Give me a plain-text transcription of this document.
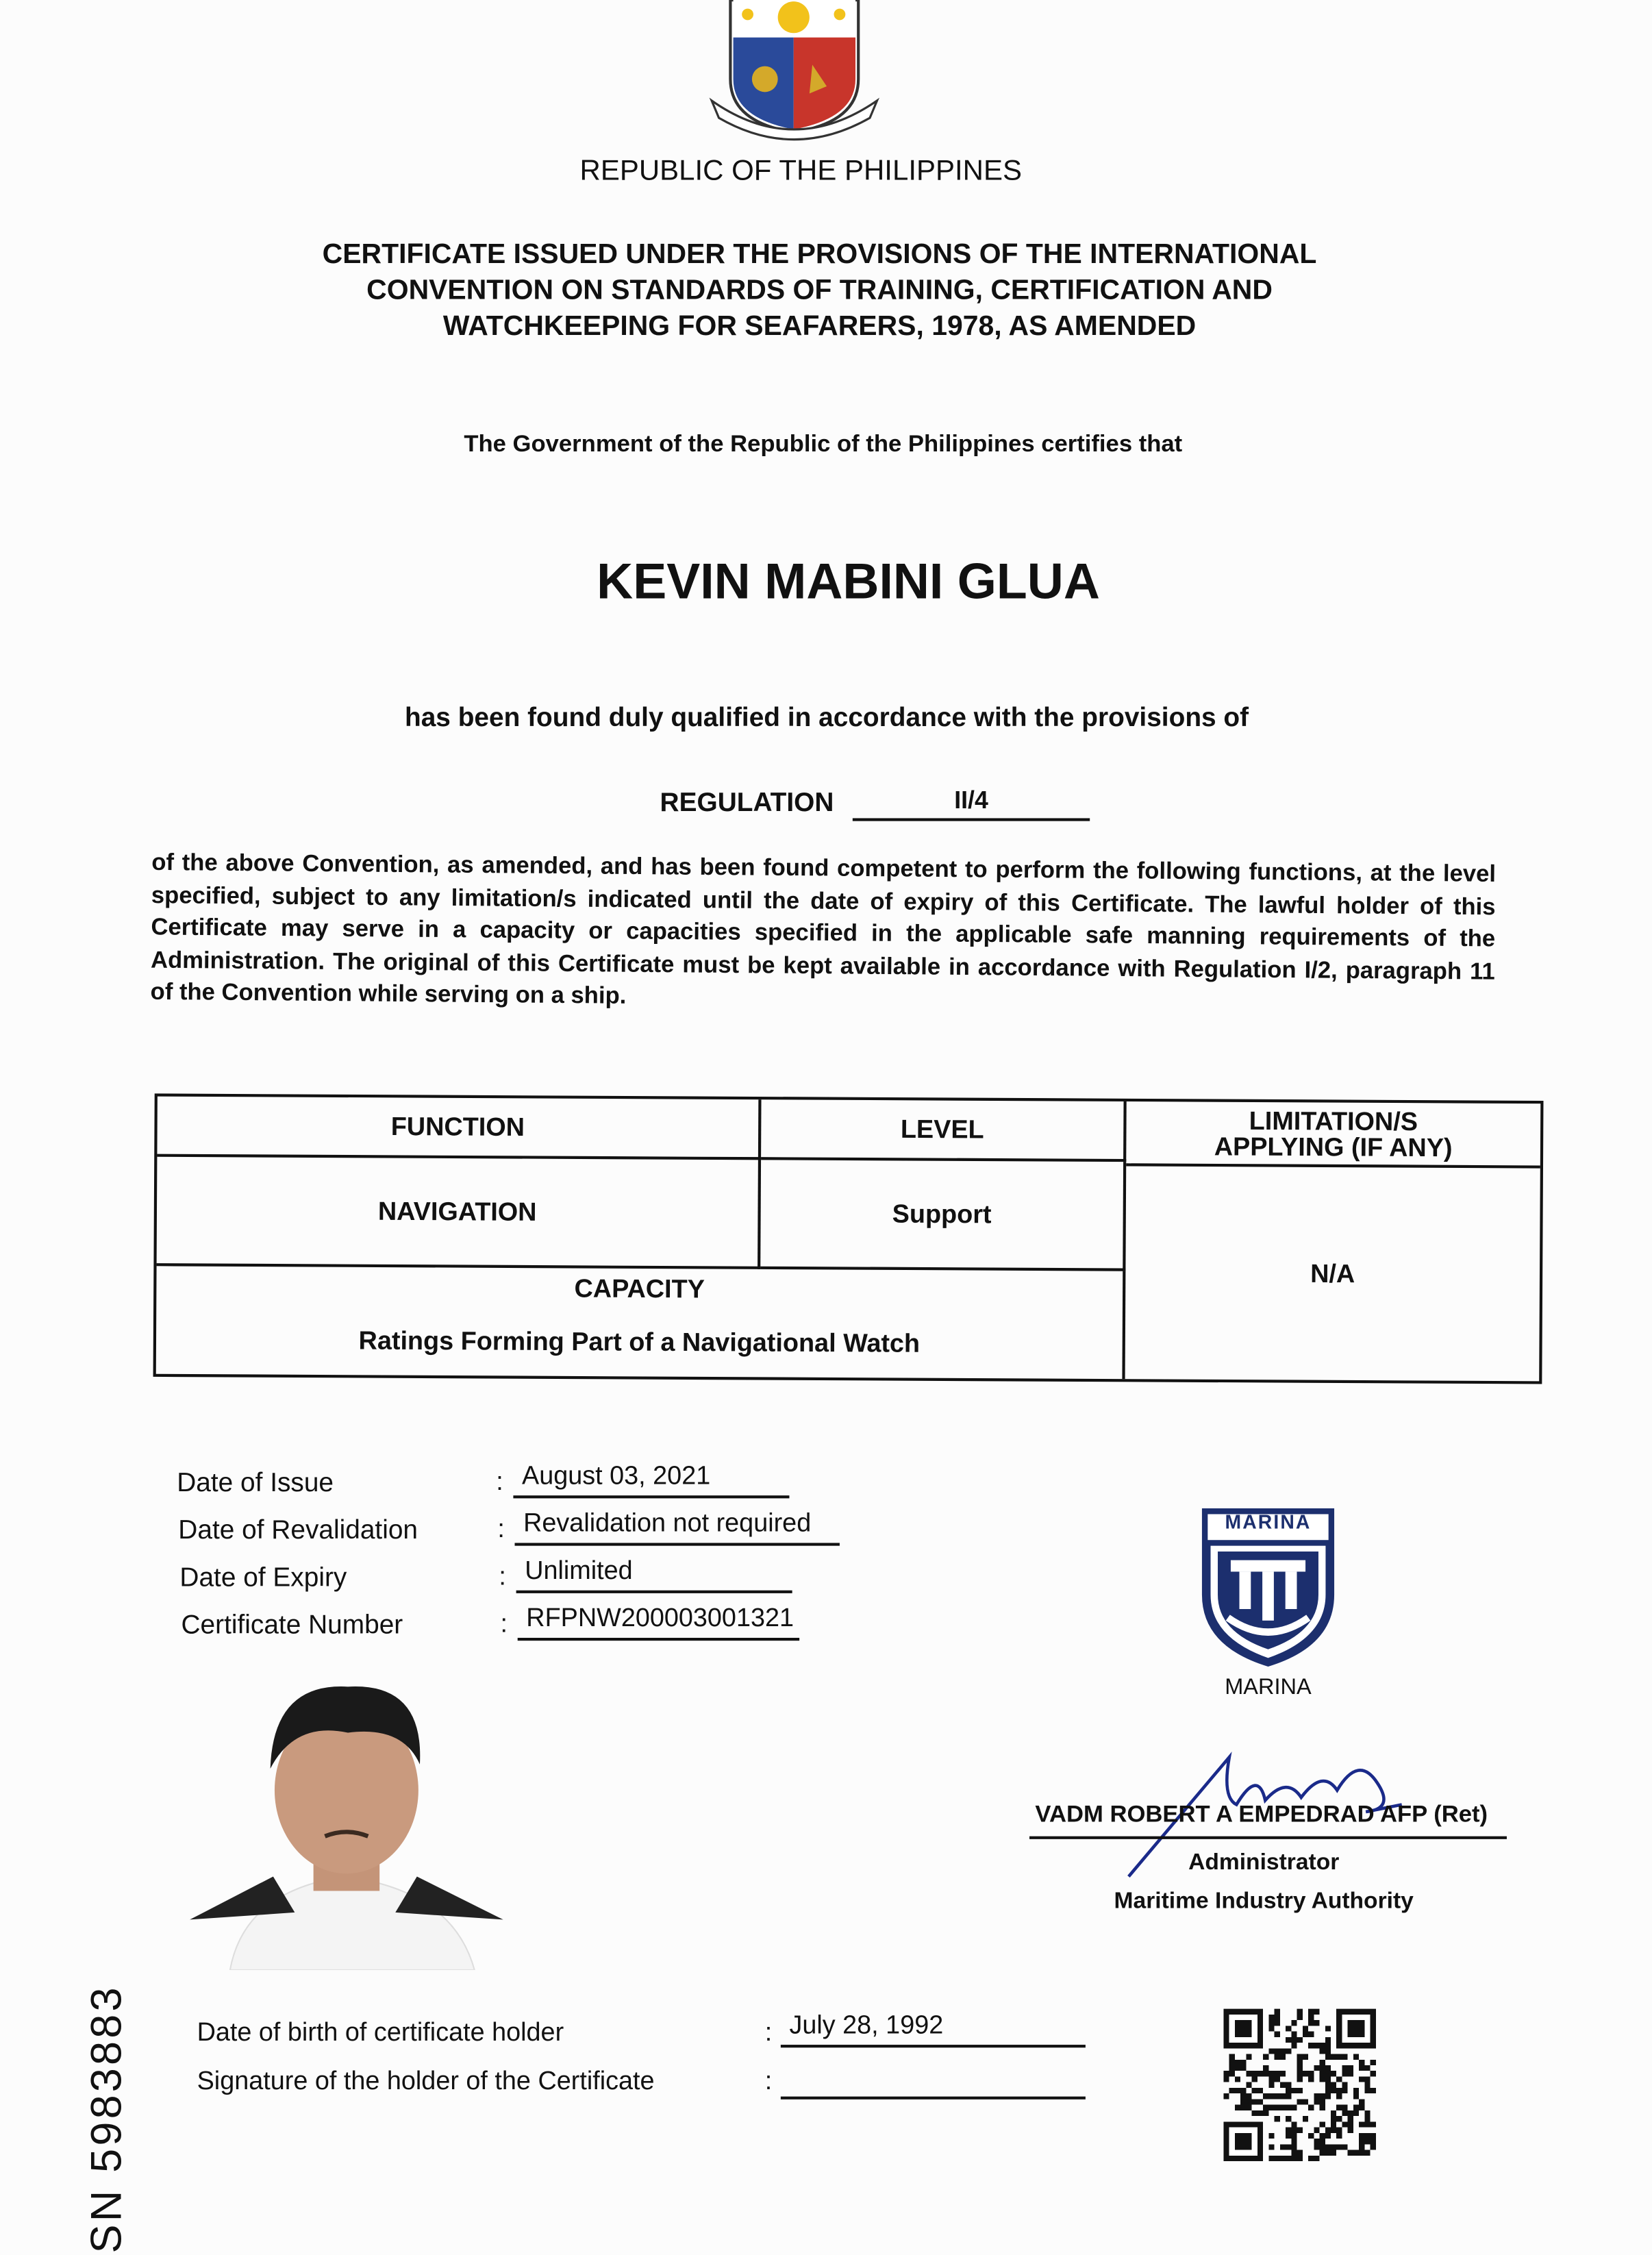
REPUBLIC OF THE PHILIPPINES
CERTIFICATE ISSUED UNDER THE PROVISIONS OF THE INTERNATIONAL
CONVENTION ON STANDARDS OF TRAINING, CERTIFICATION AND
WATCHKEEPING FOR SEAFARERS, 1978, AS AMENDED
The Government of the Republic of the Philippines certifies that
KEVIN MABINI GLUA
has been found duly qualified in accordance with the provisions of
REGULATION	II/4
of the above Convention, as amended, and has been found competent to perform the following functions, at the level specified, subject to any limitation/s indicated until the date of expiry of this Certificate. The lawful holder of this Certificate may serve in a capacity or capacities specified in the applicable safe manning requirements of the Administration. The original of this Certificate must be kept available in accordance with Regulation I/2, paragraph 11 of the Convention while serving on a ship.
FUNCTION	LEVEL	LIMITATION/S APPLYING (IF ANY)
NAVIGATION	Support
N/A
CAPACITY
Ratings Forming Part of a Navigational Watch
Date of Issue	:	August 03, 2021
Date of Revalidation	:	Revalidation not required
Date of Expiry	:	Unlimited
Certificate Number	:	RFPNW200003001321
MARINA
MARINA
VADM ROBERT A EMPEDRAD AFP (Ret)
Administrator
Maritime Industry Authority
Date of birth of certificate holder	:	July 28, 1992
Signature of the holder of the Certificate	:
SN 5983883
